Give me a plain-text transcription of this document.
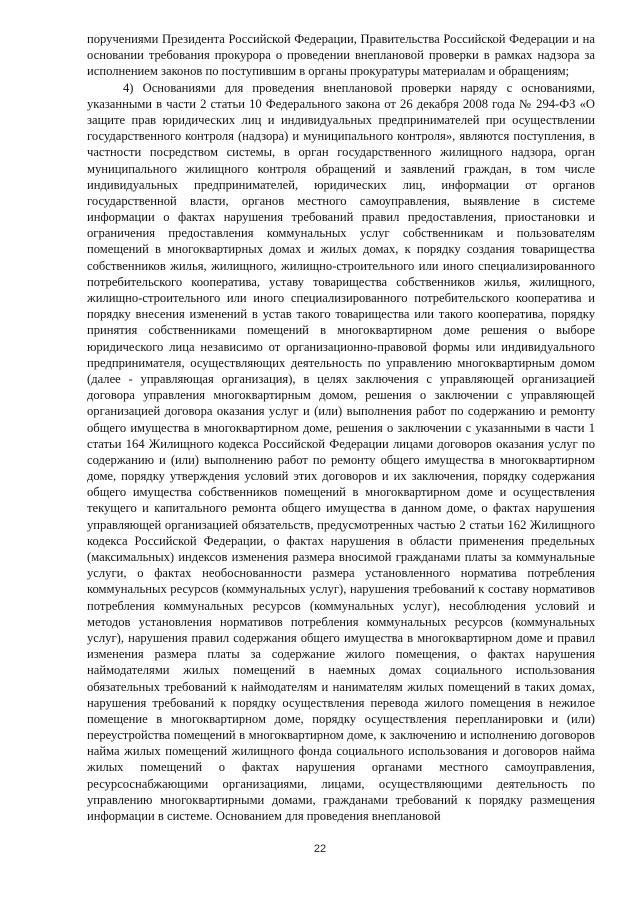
поручениями Президента Российской Федерации, Правительства Российской Федерации и на основании требования прокурора о проведении внеплановой проверки в рамках надзора за исполнением законов по поступившим в органы прокуратуры материалам и обращениям;

4) Основаниями для проведения внеплановой проверки наряду с основаниями, указанными в части 2 статьи 10 Федерального закона от 26 декабря 2008 года № 294-ФЗ «О защите прав юридических лиц и индивидуальных предпринимателей при осуществлении государственного контроля (надзора) и муниципального контроля», являются поступления, в частности посредством системы, в орган государственного жилищного надзора, орган муниципального жилищного контроля обращений и заявлений граждан, в том числе индивидуальных предпринимателей, юридических лиц, информации от органов государственной власти, органов местного самоуправления, выявление в системе информации о фактах нарушения требований правил предоставления, приостановки и ограничения предоставления коммунальных услуг собственникам и пользователям помещений в многоквартирных домах и жилых домах, к порядку создания товарищества собственников жилья, жилищного, жилищно-строительного или иного специализированного потребительского кооператива, уставу товарищества собственников жилья, жилищного, жилищно-строительного или иного специализированного потребительского кооператива и порядку внесения изменений в устав такого товарищества или такого кооператива, порядку принятия собственниками помещений в многоквартирном доме решения о выборе юридического лица независимо от организационно-правовой формы или индивидуального предпринимателя, осуществляющих деятельность по управлению многоквартирным домом (далее - управляющая организация), в целях заключения с управляющей организацией договора управления многоквартирным домом, решения о заключении с управляющей организацией договора оказания услуг и (или) выполнения работ по содержанию и ремонту общего имущества в многоквартирном доме, решения о заключении с указанными в части 1 статьи 164 Жилищного кодекса Российской Федерации лицами договоров оказания услуг по содержанию и (или) выполнению работ по ремонту общего имущества в многоквартирном доме, порядку утверждения условий этих договоров и их заключения, порядку содержания общего имущества собственников помещений в многоквартирном доме и осуществления текущего и капитального ремонта общего имущества в данном доме, о фактах нарушения управляющей организацией обязательств, предусмотренных частью 2 статьи 162 Жилищного кодекса Российской Федерации, о фактах нарушения в области применения предельных (максимальных) индексов изменения размера вносимой гражданами платы за коммунальные услуги, о фактах необоснованности размера установленного норматива потребления коммунальных ресурсов (коммунальных услуг), нарушения требований к составу нормативов потребления коммунальных ресурсов (коммунальных услуг), несоблюдения условий и методов установления нормативов потребления коммунальных ресурсов (коммунальных услуг), нарушения правил содержания общего имущества в многоквартирном доме и правил изменения размера платы за содержание жилого помещения, о фактах нарушения наймодателями жилых помещений в наемных домах социального использования обязательных требований к наймодателям и нанимателям жилых помещений в таких домах, нарушения требований к порядку осуществления перевода жилого помещения в нежилое помещение в многоквартирном доме, порядку осуществления перепланировки и (или) переустройства помещений в многоквартирном доме, к заключению и исполнению договоров найма жилых помещений жилищного фонда социального использования и договоров найма жилых помещений о фактах нарушения органами местного самоуправления, ресурсоснабжающими организациями, лицами, осуществляющими деятельность по управлению многоквартирными домами, гражданами требований к порядку размещения информации в системе. Основанием для проведения внеплановой

22
